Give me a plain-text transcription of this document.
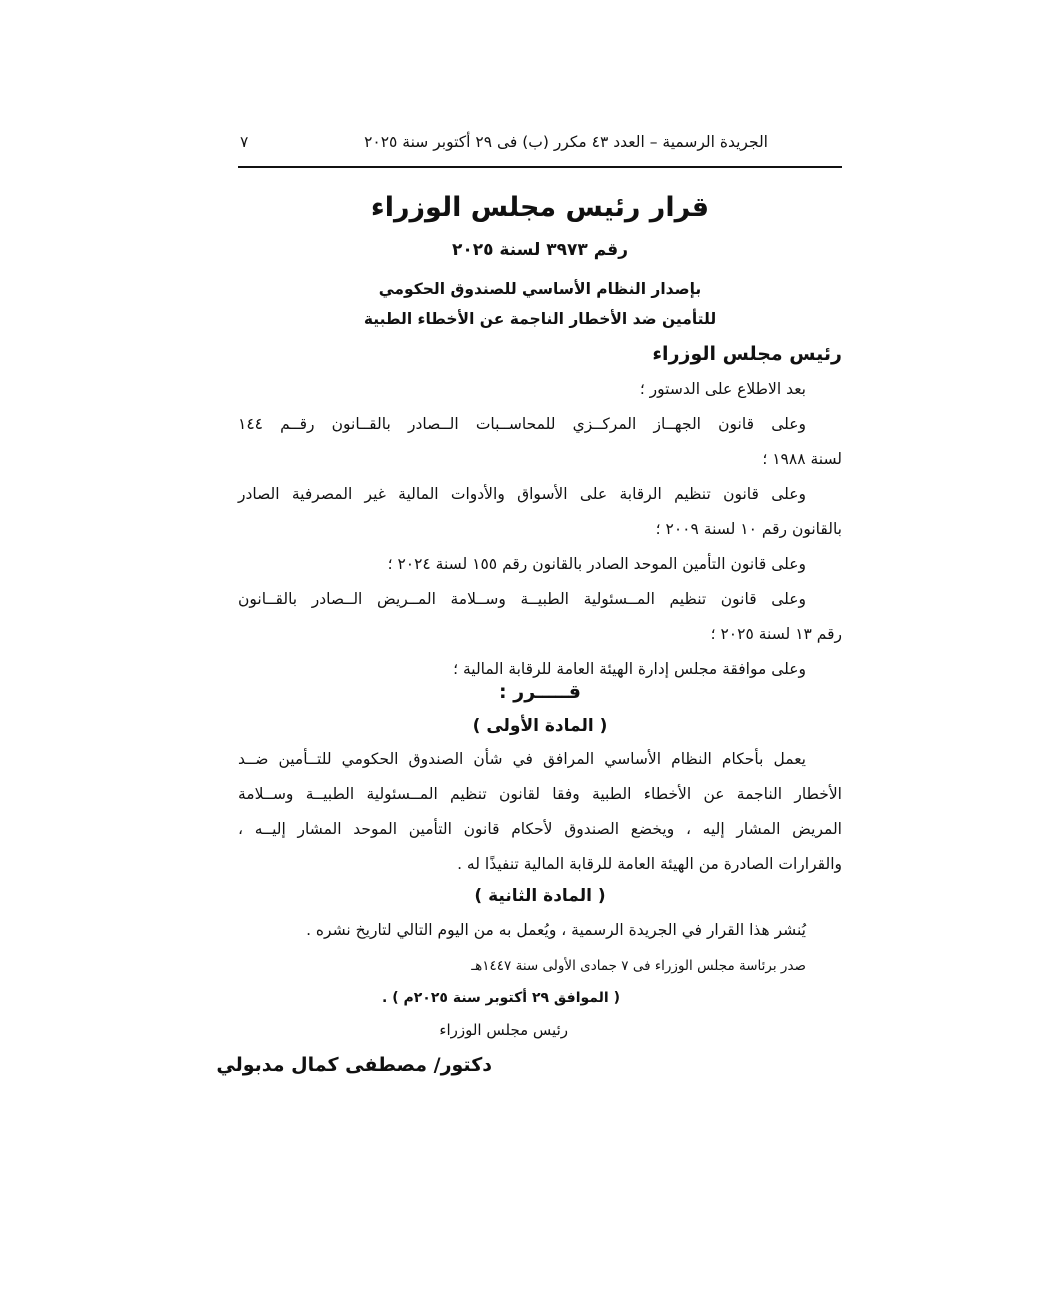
الجريدة الرسمية – العدد ٤٣ مكرر (ب) فى ٢٩ أكتوبر سنة ٢٠٢٥
٧
قرار رئيس مجلس الوزراء
رقم ٣٩٧٣ لسنة ٢٠٢٥
بإصدار النظام الأساسي للصندوق الحكومي
للتأمين ضد الأخطار الناجمة عن الأخطاء الطبية
رئيس مجلس الوزراء
بعد الاطلاع على الدستور ؛
وعلى قانون الجهــاز المركــزي للمحاســبات الــصادر بالقــانون رقــم ١٤٤
لسنة ١٩٨٨ ؛
وعلى قانون تنظيم الرقابة على الأسواق والأدوات المالية غير المصرفية الصادر
بالقانون رقم ١٠ لسنة ٢٠٠٩ ؛
وعلى قانون التأمين الموحد الصادر بالقانون رقم ١٥٥ لسنة ٢٠٢٤ ؛
وعلى قانون تنظيم المــسئولية الطبيــة وســلامة المــريض الــصادر بالقــانون
رقم ١٣ لسنة ٢٠٢٥ ؛
وعلى موافقة مجلس إدارة الهيئة العامة للرقابة المالية ؛
قـــــرر :
( المادة الأولى )
يعمل بأحكام النظام الأساسي المرافق في شأن الصندوق الحكومي للتــأمين ضــد
الأخطار الناجمة عن الأخطاء الطبية وفقا لقانون تنظيم المــسئولية الطبيــة وســلامة
المريض المشار إليه ، ويخضع الصندوق لأحكام قانون التأمين الموحد المشار إليــه ،
والقرارات الصادرة من الهيئة العامة للرقابة المالية تنفيذًا له .
( المادة الثانية )
يُنشر هذا القرار في الجريدة الرسمية ، ويُعمل به من اليوم التالي لتاريخ نشره .
صدر برئاسة مجلس الوزراء فى ٧ جمادى الأولى سنة ١٤٤٧هـ
( الموافق ٢٩ أكتوبر سنة ٢٠٢٥م ) .
رئيس مجلس الوزراء
دكتور/ مصطفى كمال مدبولي
